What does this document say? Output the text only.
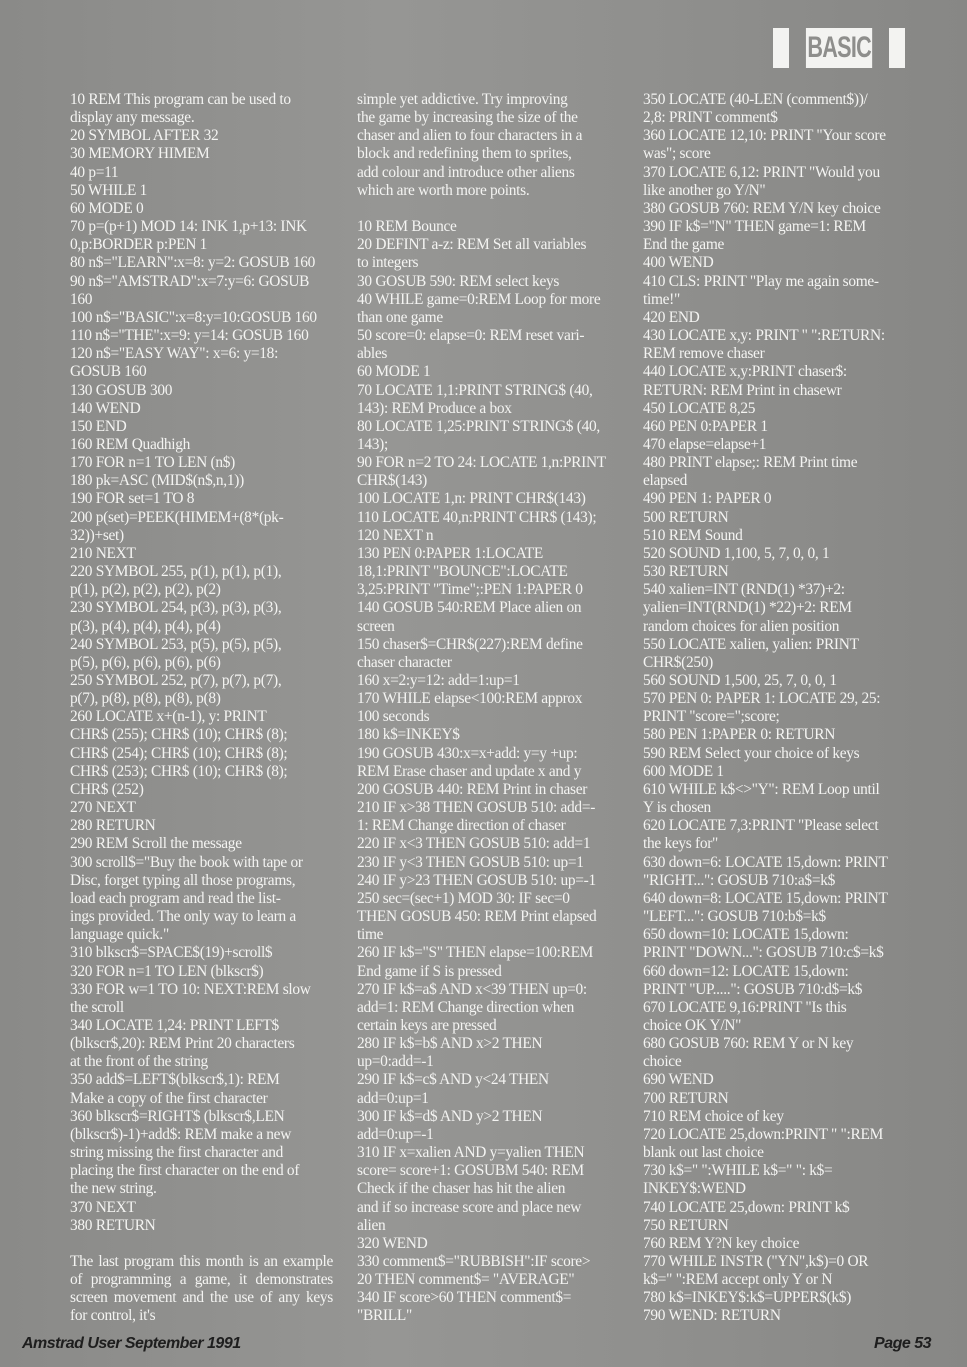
BASIC
10 REM This program can be used to
display any message.
20 SYMBOL AFTER 32
30 MEMORY HIMEM
40 p=11
50 WHILE 1
60 MODE 0
70 p=(p+1) MOD 14: INK 1,p+13: INK
0,p:BORDER p:PEN 1
80 n$="LEARN":x=8: y=2: GOSUB 160
90 n$="AMSTRAD":x=7:y=6: GOSUB
160
100 n$="BASIC":x=8:y=10:GOSUB 160
110 n$="THE":x=9: y=14: GOSUB 160
120 n$="EASY WAY": x=6: y=18:
GOSUB 160
130 GOSUB 300
140 WEND
150 END
160 REM Quadhigh
170 FOR n=1 TO LEN (n$)
180 pk=ASC (MID$(n$,n,1))
190 FOR set=1 TO 8
200 p(set)=PEEK(HIMEM+(8*(pk-
32))+set)
210 NEXT
220 SYMBOL 255, p(1), p(1), p(1),
p(1), p(2), p(2), p(2), p(2)
230 SYMBOL 254, p(3), p(3), p(3),
p(3), p(4), p(4), p(4), p(4)
240 SYMBOL 253, p(5), p(5), p(5),
p(5), p(6), p(6), p(6), p(6)
250 SYMBOL 252, p(7), p(7), p(7),
p(7), p(8), p(8), p(8), p(8)
260 LOCATE x+(n-1), y: PRINT
CHR$ (255); CHR$ (10); CHR$ (8);
CHR$ (254); CHR$ (10); CHR$ (8);
CHR$ (253); CHR$ (10); CHR$ (8);
CHR$ (252)
270 NEXT
280 RETURN
290 REM Scroll the message
300 scroll$="Buy the book with tape or
Disc, forget typing all those programs,
load each program and read the list-
ings provided. The only way to learn a
language quick."
310 blkscr$=SPACE$(19)+scroll$
320 FOR n=1 TO LEN (blkscr$)
330 FOR w=1 TO 10: NEXT:REM slow
the scroll
340 LOCATE 1,24: PRINT LEFT$
(blkscr$,20): REM Print 20 characters
at the front of the string
350 add$=LEFT$(blkscr$,1): REM
Make a copy of the first character
360 blkscr$=RIGHT$ (blkscr$,LEN
(blkscr$)-1)+add$: REM make a new
string missing the first character and
placing the first character on the end of
the new string.
370 NEXT
380 RETURN
The last program this month is an example of programming a game, it demonstrates screen movement and the use of any keys for control, it's
simple yet addictive. Try improving
the game by increasing the size of the
chaser and alien to four characters in a
block and redefining them to sprites,
add colour and introduce other aliens
which are worth more points.

10 REM Bounce
20 DEFINT a-z: REM Set all variables
to integers
30 GOSUB 590: REM select keys
40 WHILE game=0:REM Loop for more
than one game
50 score=0: elapse=0: REM reset vari-
ables
60 MODE 1
70 LOCATE 1,1:PRINT STRING$ (40,
143): REM Produce a box
80 LOCATE 1,25:PRINT STRING$ (40,
143);
90 FOR n=2 TO 24: LOCATE 1,n:PRINT
CHR$(143)
100 LOCATE 1,n: PRINT CHR$(143)
110 LOCATE 40,n:PRINT CHR$ (143);
120 NEXT n
130 PEN 0:PAPER 1:LOCATE
18,1:PRINT "BOUNCE":LOCATE
3,25:PRINT "Time";:PEN 1:PAPER 0
140 GOSUB 540:REM Place alien on
screen
150 chaser$=CHR$(227):REM define
chaser character
160 x=2:y=12: add=1:up=1
170 WHILE elapse<100:REM approx
100 seconds
180 k$=INKEY$
190 GOSUB 430:x=x+add: y=y +up:
REM Erase chaser and update x and y
200 GOSUB 440: REM Print in chaser
210 IF x>38 THEN GOSUB 510: add=-
1: REM Change direction of chaser
220 IF x<3 THEN GOSUB 510: add=1
230 IF y<3 THEN GOSUB 510: up=1
240 IF y>23 THEN GOSUB 510: up=-1
250 sec=(sec+1) MOD 30: IF sec=0
THEN GOSUB 450: REM Print elapsed
time
260 IF k$="S" THEN elapse=100:REM
End game if S is pressed
270 IF k$=a$ AND x<39 THEN up=0:
add=1: REM Change direction when
certain keys are pressed
280 IF k$=b$ AND x>2 THEN
up=0:add=-1
290 IF k$=c$ AND y<24 THEN
add=0:up=1
300 IF k$=d$ AND y>2 THEN
add=0:up=-1
310 IF x=xalien AND y=yalien THEN
score= score+1: GOSUBM 540: REM
Check if the chaser has hit the alien
and if so increase score and place new
alien
320 WEND
330 comment$="RUBBISH":IF score>
20 THEN comment$= "AVERAGE"
340 IF score>60 THEN comment$=
"BRILL"
350 LOCATE (40-LEN (comment$))/
2,8: PRINT comment$
360 LOCATE 12,10: PRINT "Your score
was"; score
370 LOCATE 6,12: PRINT "Would you
like another go Y/N"
380 GOSUB 760: REM Y/N key choice
390 IF k$="N" THEN game=1: REM
End the game
400 WEND
410 CLS: PRINT "Play me again some-
time!"
420 END
430 LOCATE x,y: PRINT " ":RETURN:
REM remove chaser
440 LOCATE x,y:PRINT chaser$:
RETURN: REM Print in chasewr
450 LOCATE 8,25
460 PEN 0:PAPER 1
470 elapse=elapse+1
480 PRINT elapse;: REM Print time
elapsed
490 PEN 1: PAPER 0
500 RETURN
510 REM Sound
520 SOUND 1,100, 5, 7, 0, 0, 1
530 RETURN
540 xalien=INT (RND(1) *37)+2:
yalien=INT(RND(1) *22)+2: REM
random choices for alien position
550 LOCATE xalien, yalien: PRINT
CHR$(250)
560 SOUND 1,500, 25, 7, 0, 0, 1
570 PEN 0: PAPER 1: LOCATE 29, 25:
PRINT "score=";score;
580 PEN 1:PAPER 0: RETURN
590 REM Select your choice of keys
600 MODE 1
610 WHILE k$<>"Y": REM Loop until
Y is chosen
620 LOCATE 7,3:PRINT "Please select
the keys for"
630 down=6: LOCATE 15,down: PRINT
"RIGHT...": GOSUB 710:a$=k$
640 down=8: LOCATE 15,down: PRINT
"LEFT...": GOSUB 710:b$=k$
650 down=10: LOCATE 15,down:
PRINT "DOWN...": GOSUB 710:c$=k$
660 down=12: LOCATE 15,down:
PRINT "UP.....": GOSUB 710:d$=k$
670 LOCATE 9,16:PRINT "Is this
choice OK Y/N"
680 GOSUB 760: REM Y or N key
choice
690 WEND
700 RETURN
710 REM choice of key
720 LOCATE 25,down:PRINT " ":REM
blank out last choice
730 k$=" ":WHILE k$=" ": k$=
INKEY$:WEND
740 LOCATE 25,down: PRINT k$
750 RETURN
760 REM Y?N key choice
770 WHILE INSTR ("YN",k$)=0 OR
k$=" ":REM accept only Y or N
780 k$=INKEY$:k$=UPPER$(k$)
790 WEND: RETURN
Amstrad User September 1991	Page 53
